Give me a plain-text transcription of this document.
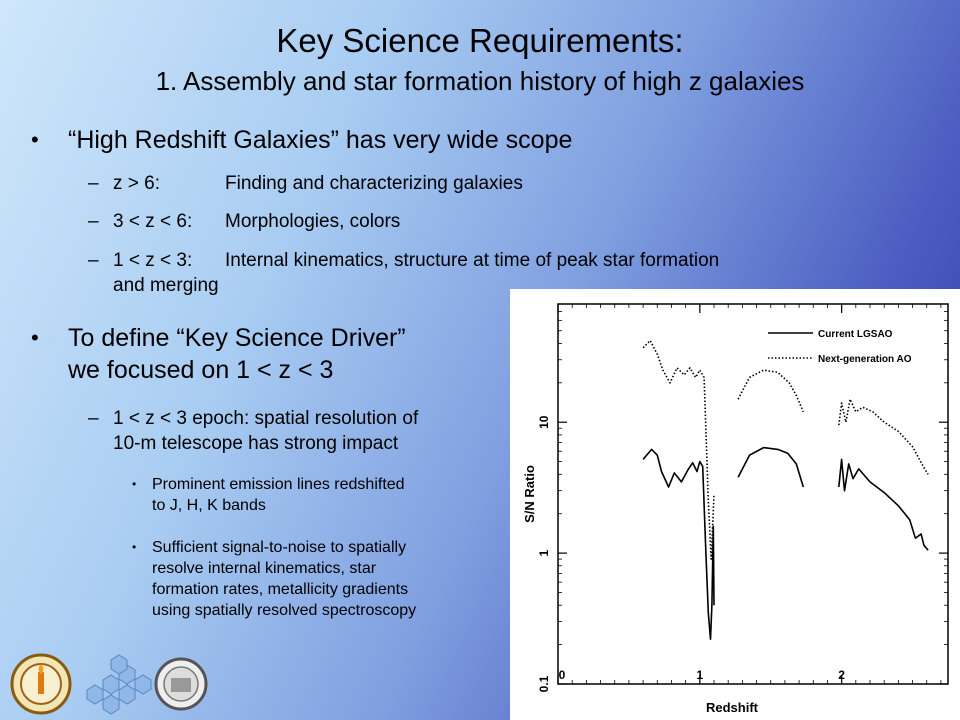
Key Science Requirements:
1. Assembly and star formation history of high z galaxies
• “High Redshift Galaxies” has very wide scope
– z > 6:	Finding and characterizing galaxies
– 3 < z < 6: Morphologies, colors
– 1 < z < 3: Internal kinematics, structure at time of peak star formation
and merging
• To define “Key Science Driver”
we focused on 1 < z < 3
– 1 < z < 3 epoch: spatial resolution of
10-m telescope has strong impact
• Prominent emission lines redshifted
to J, H, K bands
• Sufficient signal-to-noise to spatially
resolve internal kinematics, star
formation rates, metallicity gradients
using spatially resolved spectroscopy
0	1	2
0.1
1
10
Current LGSAO
Next-generation AO
Redshift
S/N Ratio
